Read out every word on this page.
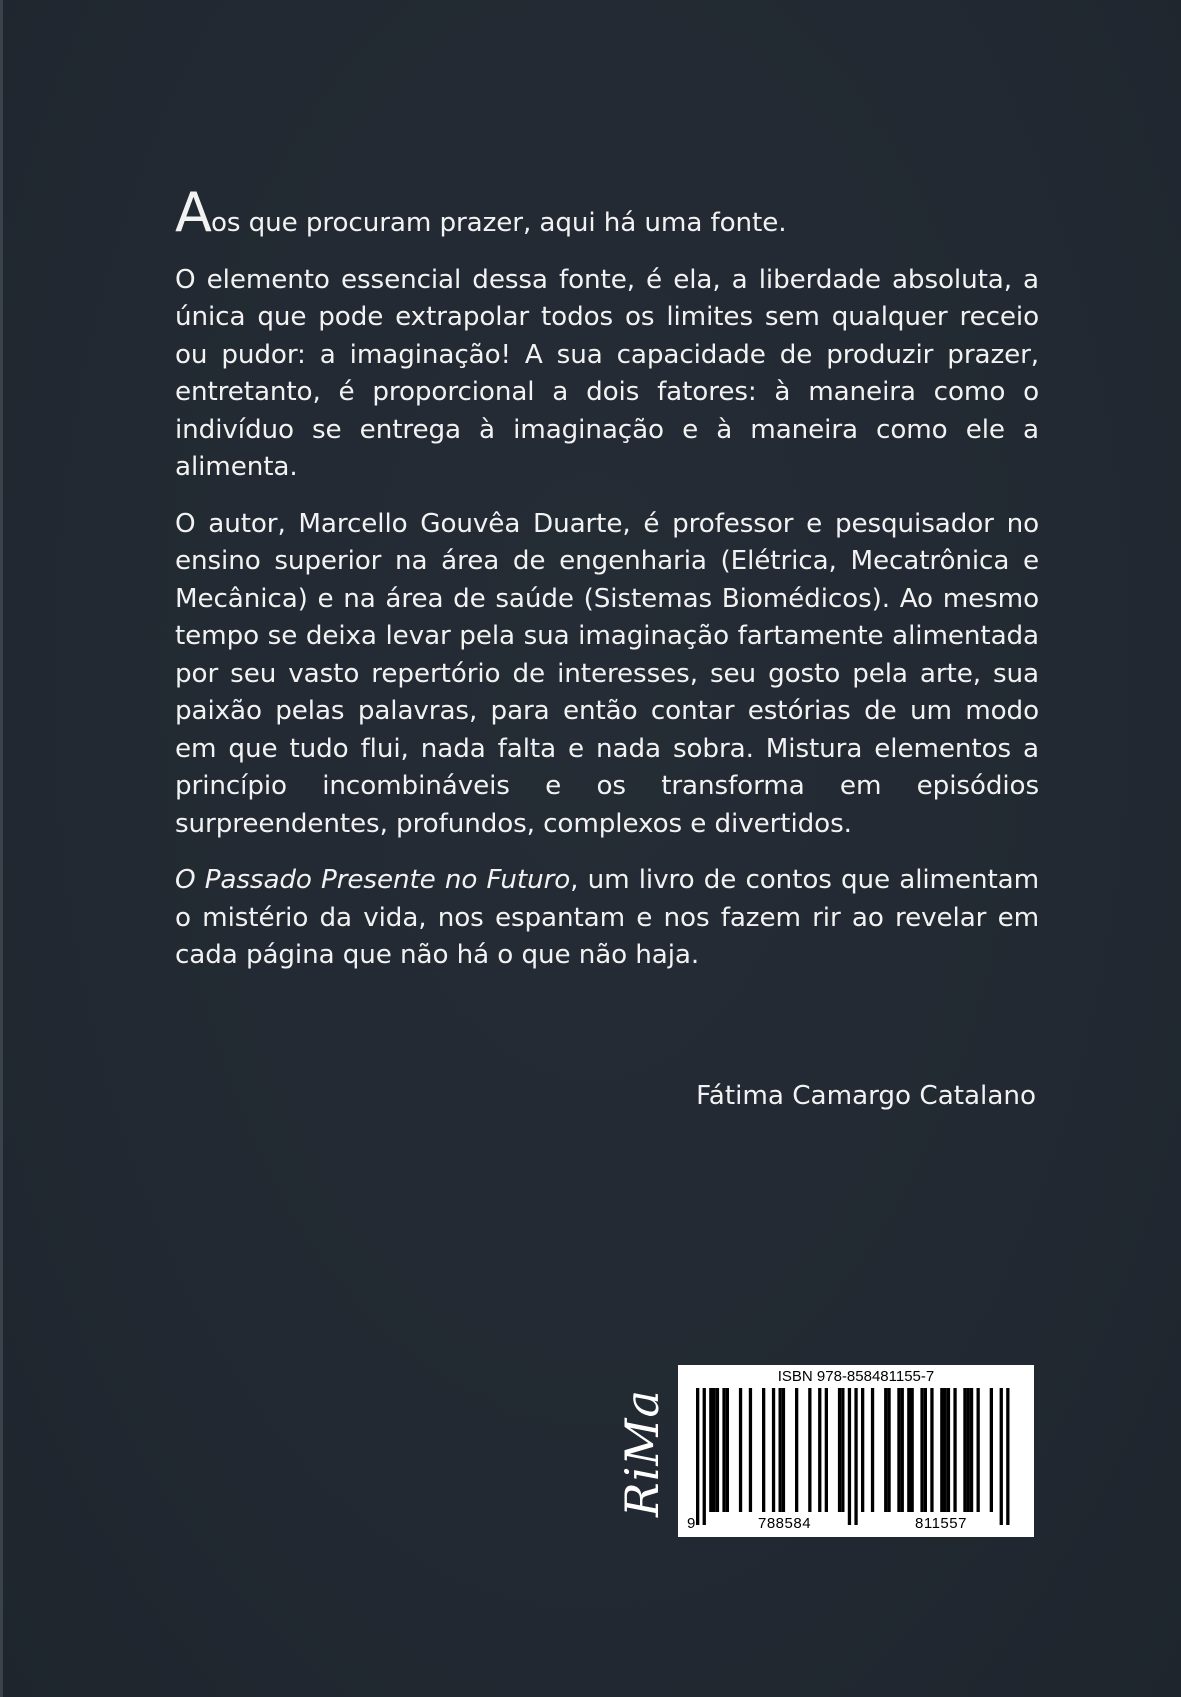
Aos que procuram prazer, aqui há uma fonte.

O elemento essencial dessa fonte, é ela, a liberdade absoluta, a única que pode extrapolar todos os limites sem qualquer receio ou pudor: a imaginação! A sua capacidade de produzir prazer, entretanto, é proporcional a dois fatores: à maneira como o indivíduo se entrega à imaginação e à maneira como ele a alimenta.

O autor, Marcello Gouvêa Duarte, é professor e pesquisador no ensino superior na área de engenharia (Elétrica, Mecatrônica e Mecânica) e na área de saúde (Sistemas Biomédicos). Ao mesmo tempo se deixa levar pela sua imaginação fartamente alimentada por seu vasto repertório de interesses, seu gosto pela arte, sua paixão pelas palavras, para então contar estórias de um modo em que tudo flui, nada falta e nada sobra. Mistura elementos a princípio incombináveis e os transforma em episódios surpreendentes, profundos, complexos e divertidos.

O Passado Presente no Futuro, um livro de contos que alimentam o mistério da vida, nos espantam e nos fazem rir ao revelar em cada página que não há o que não haja.

Fátima Camargo Catalano
RiMa
ISBN 978-858481155-7
9	788584	811557
